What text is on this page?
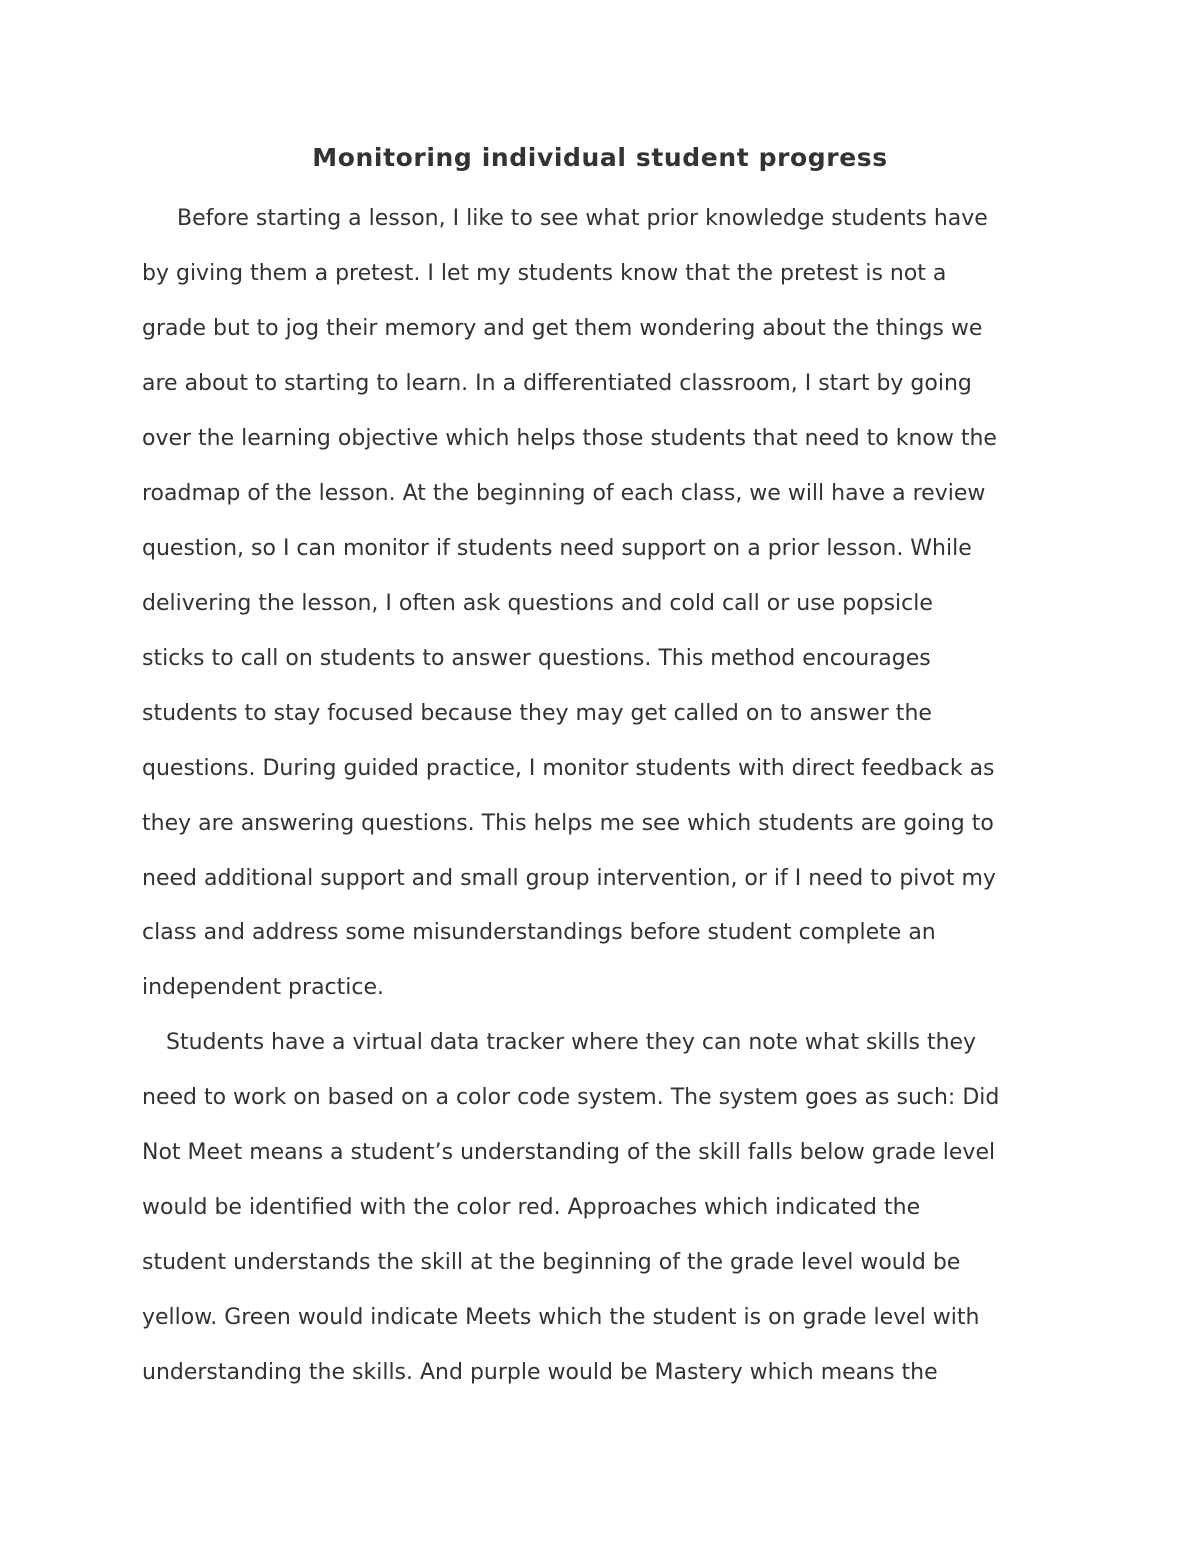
Monitoring individual student progress

Before starting a lesson, I like to see what prior knowledge students have

by giving them a pretest. I let my students know that the pretest is not a

grade but to jog their memory and get them wondering about the things we

are about to starting to learn. In a differentiated classroom, I start by going

over the learning objective which helps those students that need to know the

roadmap of the lesson. At the beginning of each class, we will have a review

question, so I can monitor if students need support on a prior lesson. While

delivering the lesson, I often ask questions and cold call or use popsicle

sticks to call on students to answer questions. This method encourages

students to stay focused because they may get called on to answer the

questions. During guided practice, I monitor students with direct feedback as

they are answering questions. This helps me see which students are going to

need additional support and small group intervention, or if I need to pivot my

class and address some misunderstandings before student complete an

independent practice.

Students have a virtual data tracker where they can note what skills they

need to work on based on a color code system. The system goes as such: Did

Not Meet means a student’s understanding of the skill falls below grade level

would be identified with the color red. Approaches which indicated the

student understands the skill at the beginning of the grade level would be

yellow. Green would indicate Meets which the student is on grade level with

understanding the skills. And purple would be Mastery which means the
